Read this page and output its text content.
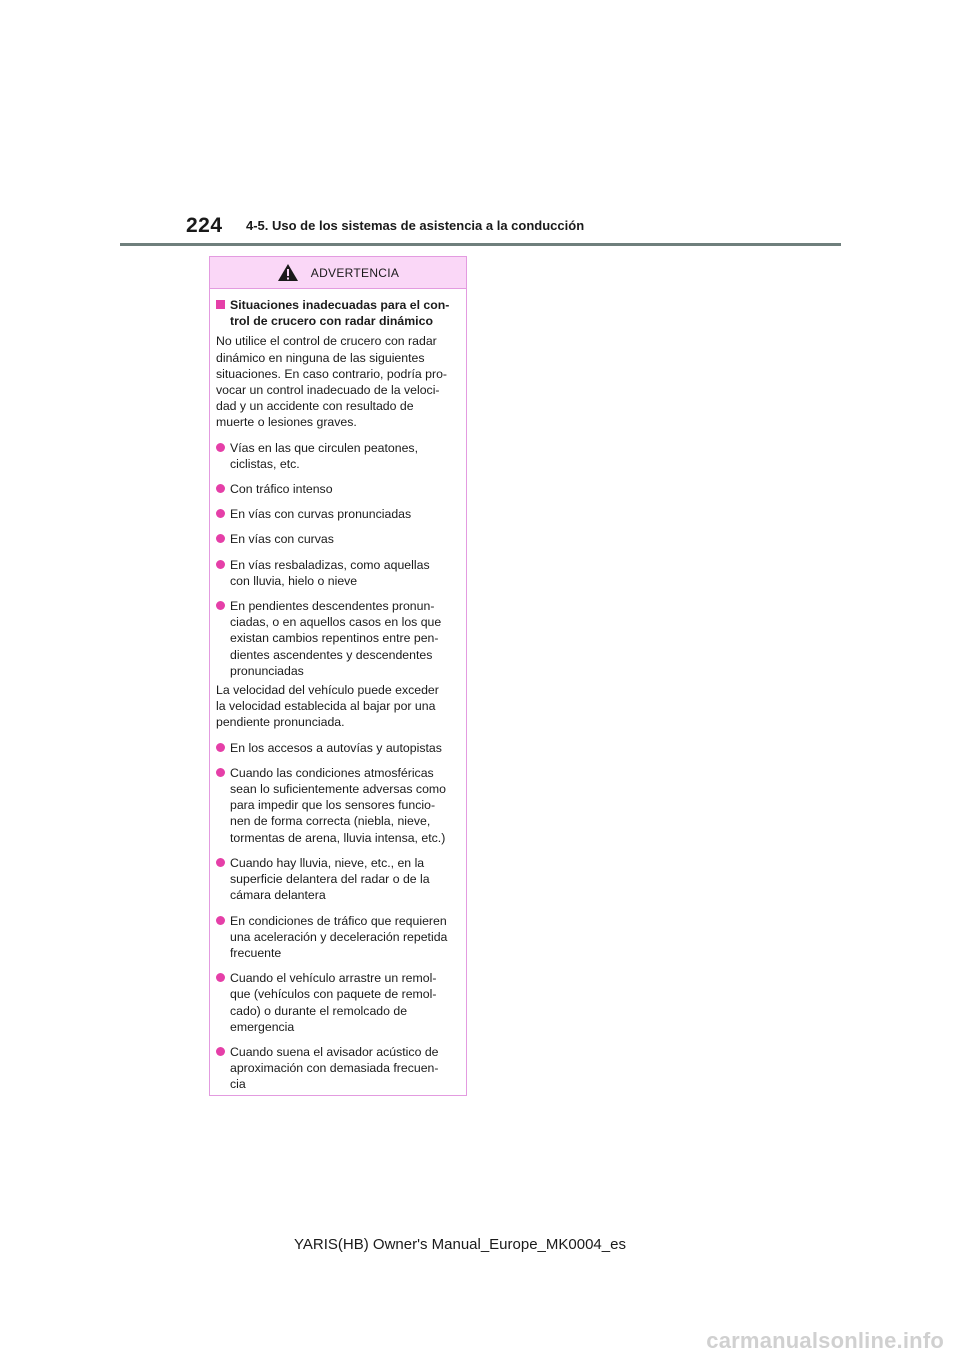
224 4-5. Uso de los sistemas de asistencia a la conducción
ADVERTENCIA
Situaciones inadecuadas para el con-
trol de crucero con radar dinámico
No utilice el control de crucero con radar
dinámico en ninguna de las siguientes
situaciones. En caso contrario, podría pro-
vocar un control inadecuado de la veloci-
dad y un accidente con resultado de
muerte o lesiones graves.
Vías en las que circulen peatones,
ciclistas, etc.
Con tráfico intenso
En vías con curvas pronunciadas
En vías con curvas
En vías resbaladizas, como aquellas
con lluvia, hielo o nieve
En pendientes descendentes pronun-
ciadas, o en aquellos casos en los que
existan cambios repentinos entre pen-
dientes ascendentes y descendentes
pronunciadas
La velocidad del vehículo puede exceder
la velocidad establecida al bajar por una
pendiente pronunciada.
En los accesos a autovías y autopistas
Cuando las condiciones atmosféricas
sean lo suficientemente adversas como
para impedir que los sensores funcio-
nen de forma correcta (niebla, nieve,
tormentas de arena, lluvia intensa, etc.)
Cuando hay lluvia, nieve, etc., en la
superficie delantera del radar o de la
cámara delantera
En condiciones de tráfico que requieren
una aceleración y deceleración repetida
frecuente
Cuando el vehículo arrastre un remol-
que (vehículos con paquete de remol-
cado) o durante el remolcado de
emergencia
Cuando suena el avisador acústico de
aproximación con demasiada frecuen-
cia
YARIS(HB) Owner's Manual_Europe_MK0004_es
carmanualsonline.info
